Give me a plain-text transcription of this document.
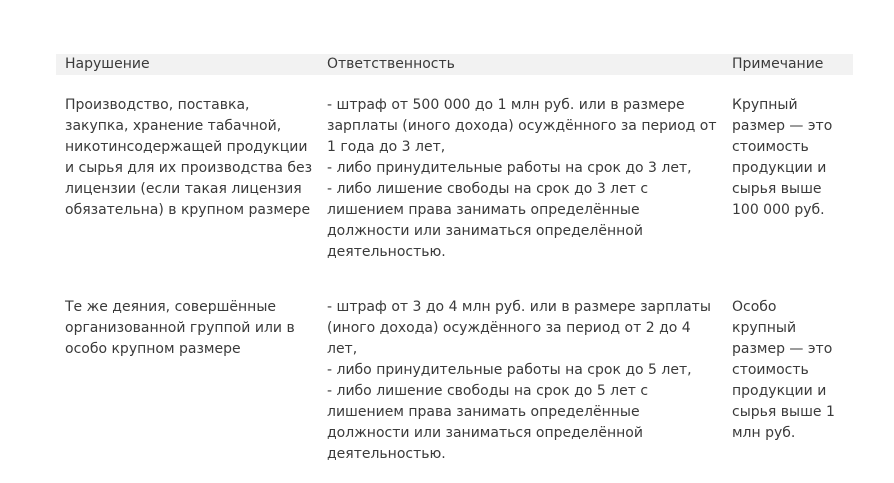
Нарушение	Ответственность	Примечание
Производство, поставка,
закупка, хранение табачной,
никотинсодержащей продукции
и сырья для их производства без
лицензии (если такая лицензия
обязательна) в крупном размере
- штраф от 500 000 до 1 млн руб. или в размере
зарплаты (иного дохода) осуждённого за период от
1 года до 3 лет,
- либо принудительные работы на срок до 3 лет,
- либо лишение свободы на срок до 3 лет с
лишением права занимать определённые
должности или заниматься определённой
деятельностью.
Крупный
размер — это
стоимость
продукции и
сырья выше
100 000 руб.
Те же деяния, совершённые
организованной группой или в
особо крупном размере
- штраф от 3 до 4 млн руб. или в размере зарплаты
(иного дохода) осуждённого за период от 2 до 4 лет,
- либо принудительные работы на срок до 5 лет,
- либо лишение свободы на срок до 5 лет с
лишением права занимать определённые
должности или заниматься определённой
деятельностью.
Особо
крупный
размер — это
стоимость
продукции и
сырья выше 1
млн руб.
